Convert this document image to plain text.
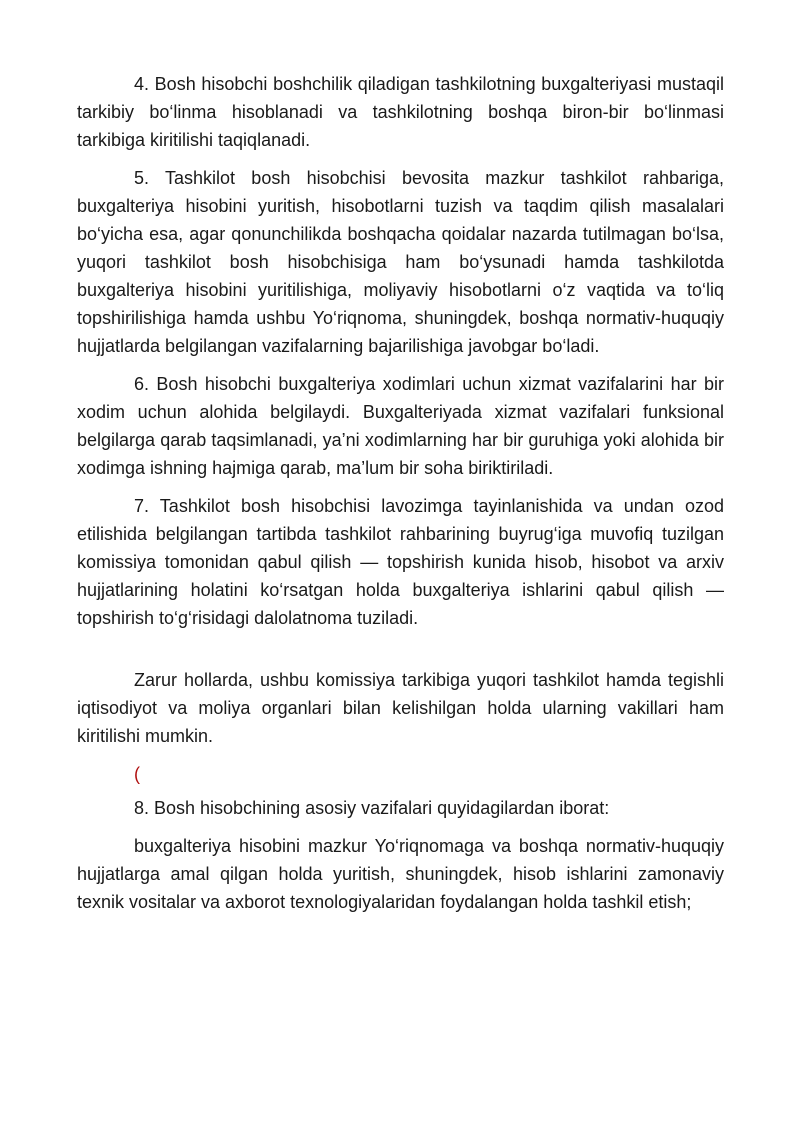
4. Bosh hisobchi boshchilik qiladigan tashkilotning buxgalteriyasi mustaqil tarkibiy bo‘linma hisoblanadi va tashkilotning boshqa biron-bir bo‘linmasi tarkibiga kiritilishi taqiqlanadi.

5. Tashkilot bosh hisobchisi bevosita mazkur tashkilot rahbariga, buxgalteriya hisobini yuritish, hisobotlarni tuzish va taqdim qilish masalalari bo‘yicha esa, agar qonunchilikda boshqacha qoidalar nazarda tutilmagan bo‘lsa, yuqori tashkilot bosh hisobchisiga ham bo‘ysunadi hamda tashkilotda buxgalteriya hisobini yuritilishiga, moliyaviy hisobotlarni o‘z vaqtida va to‘liq topshirilishiga hamda ushbu Yo‘riqnoma, shuningdek, boshqa normativ-huquqiy hujjatlarda belgilangan vazifalarning bajarilishiga javobgar bo‘ladi.

6. Bosh hisobchi buxgalteriya xodimlari uchun xizmat vazifalarini har bir xodim uchun alohida belgilaydi. Buxgalteriyada xizmat vazifalari funksional belgilarga qarab taqsimlanadi, ya’ni xodimlarning har bir guruhiga yoki alohida bir xodimga ishning hajmiga qarab, ma’lum bir soha biriktiriladi.

7. Tashkilot bosh hisobchisi lavozimga tayinlanishida va undan ozod etilishida belgilangan tartibda tashkilot rahbarining buyrug‘iga muvofiq tuzilgan komissiya tomonidan qabul qilish — topshirish kunida hisob, hisobot va arxiv hujjatlarining holatini ko‘rsatgan holda buxgalteriya ishlarini qabul qilish — topshirish to‘g‘risidagi dalolatnoma tuziladi.

Zarur hollarda, ushbu komissiya tarkibiga yuqori tashkilot hamda tegishli iqtisodiyot va moliya organlari bilan kelishilgan holda ularning vakillari ham kiritilishi mumkin.

(

8. Bosh hisobchining asosiy vazifalari quyidagilardan iborat:

buxgalteriya hisobini mazkur Yo‘riqnomaga va boshqa normativ-huquqiy hujjatlarga amal qilgan holda yuritish, shuningdek, hisob ishlarini zamonaviy texnik vositalar va axborot texnologiyalaridan foydalangan holda tashkil etish;
